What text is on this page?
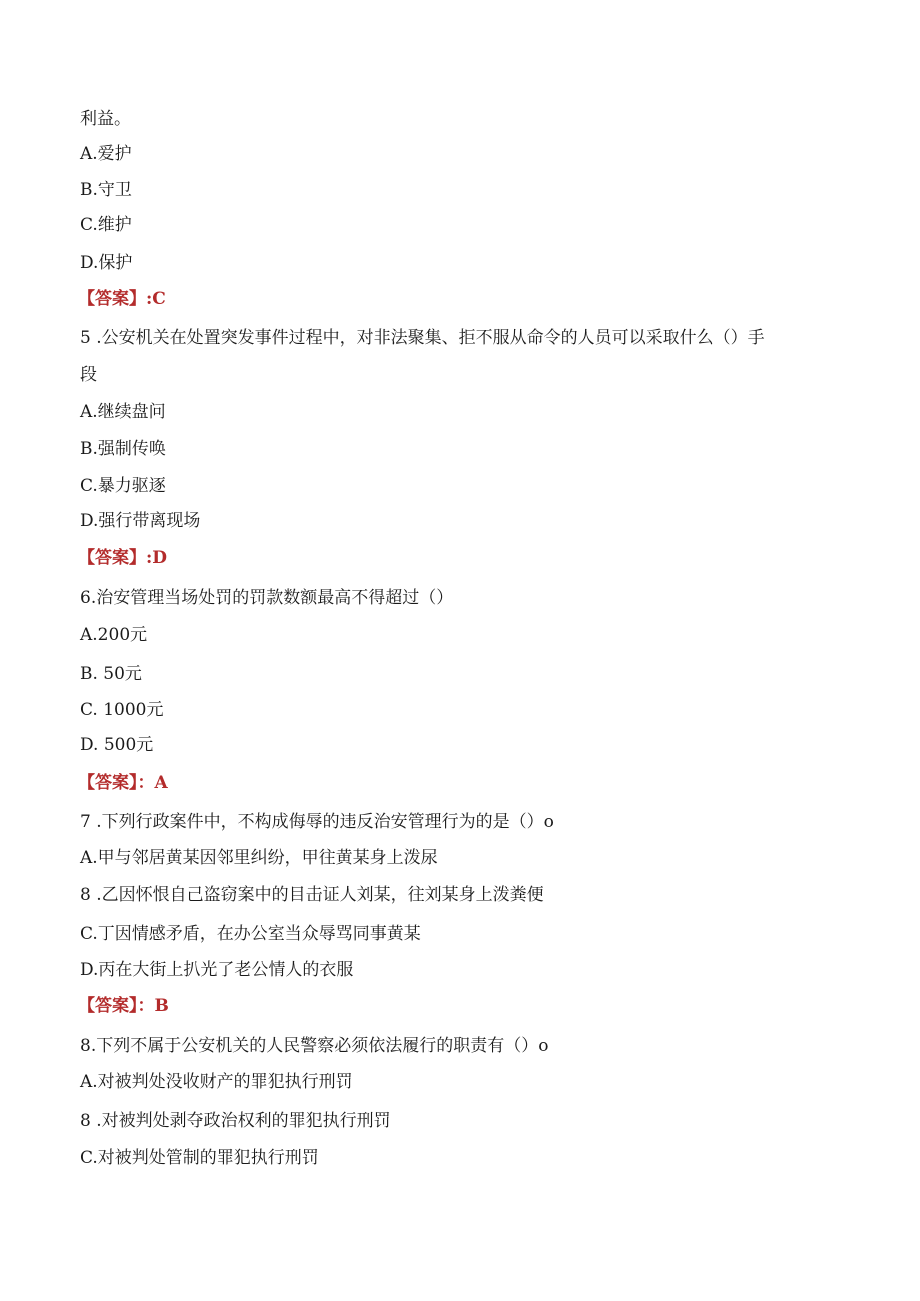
利益。
A.爱护
B.守卫
C.维护
D.保护
【答案】:C
5 .公安机关在处置突发事件过程中，对非法聚集、拒不服从命令的人员可以采取什么（）手
段
A.继续盘问
B.强制传唤
C.暴力驱逐
D.强行带离现场
【答案】:D
6.治安管理当场处罚的罚款数额最高不得超过（）
A.200元
B. 50元
C. 1000元
D. 500元
【答案】：A
7 .下列行政案件中，不构成侮辱的违反治安管理行为的是（）o
A.甲与邻居黄某因邻里纠纷，甲往黄某身上泼尿
8 .乙因怀恨自己盗窃案中的目击证人刘某，往刘某身上泼粪便
C.丁因情感矛盾，在办公室当众辱骂同事黄某
D.丙在大街上扒光了老公情人的衣服
【答案】：B
8.下列不属于公安机关的人民警察必须依法履行的职责有（）o
A.对被判处没收财产的罪犯执行刑罚
8 .对被判处剥夺政治权利的罪犯执行刑罚
C.对被判处管制的罪犯执行刑罚
